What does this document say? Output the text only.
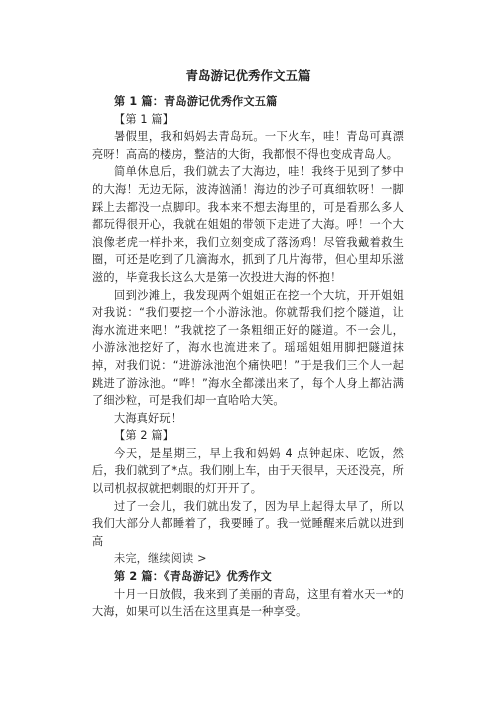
青岛游记优秀作文五篇

第 1 篇：青岛游记优秀作文五篇

【第 1 篇】

暑假里，我和妈妈去青岛玩。一下火车，哇！青岛可真漂亮呀！高高的楼房，整洁的大街，我都恨不得也变成青岛人。

简单休息后，我们就去了大海边，哇！我终于见到了梦中的大海！无边无际，波涛汹涌！海边的沙子可真细软呀！一脚踩上去都没一点脚印。我本来不想去海里的，可是看那么多人都玩得很开心，我就在姐姐的带领下走进了大海。呼！一个大浪像老虎一样扑来，我们立刻变成了落汤鸡！尽管我戴着救生圈，可还是吃到了几滴海水，抓到了几片海带，但心里却乐滋滋的，毕竟我长这么大是第一次投进大海的怀抱！

回到沙滩上，我发现两个姐姐正在挖一个大坑，开开姐姐对我说：“我们要挖一个小游泳池。你就帮我们挖个隧道，让海水流进来吧！”我就挖了一条粗细正好的隧道。不一会儿，小游泳池挖好了，海水也流进来了。瑶瑶姐姐用脚把隧道抹掉，对我们说：“进游泳池泡个痛快吧！”于是我们三个人一起跳进了游泳池。“哗！”海水全都漾出来了，每个人身上都沾满了细沙粒，可是我们却一直哈哈大笑。

大海真好玩！

【第 2 篇】

今天，是星期三，早上我和妈妈 4 点钟起床、吃饭，然后，我们就到了*点。我们刚上车，由于天很早，天还没亮，所以司机叔叔就把刺眼的灯开开了。

过了一会儿，我们就出发了，因为早上起得太早了，所以我们大部分人都睡着了，我要睡了。我一觉睡醒来后就以进到高

未完，继续阅读 >

第 2 篇：《青岛游记》优秀作文

十月一日放假，我来到了美丽的青岛，这里有着水天一*的大海，如果可以生活在这里真是一种享受。
